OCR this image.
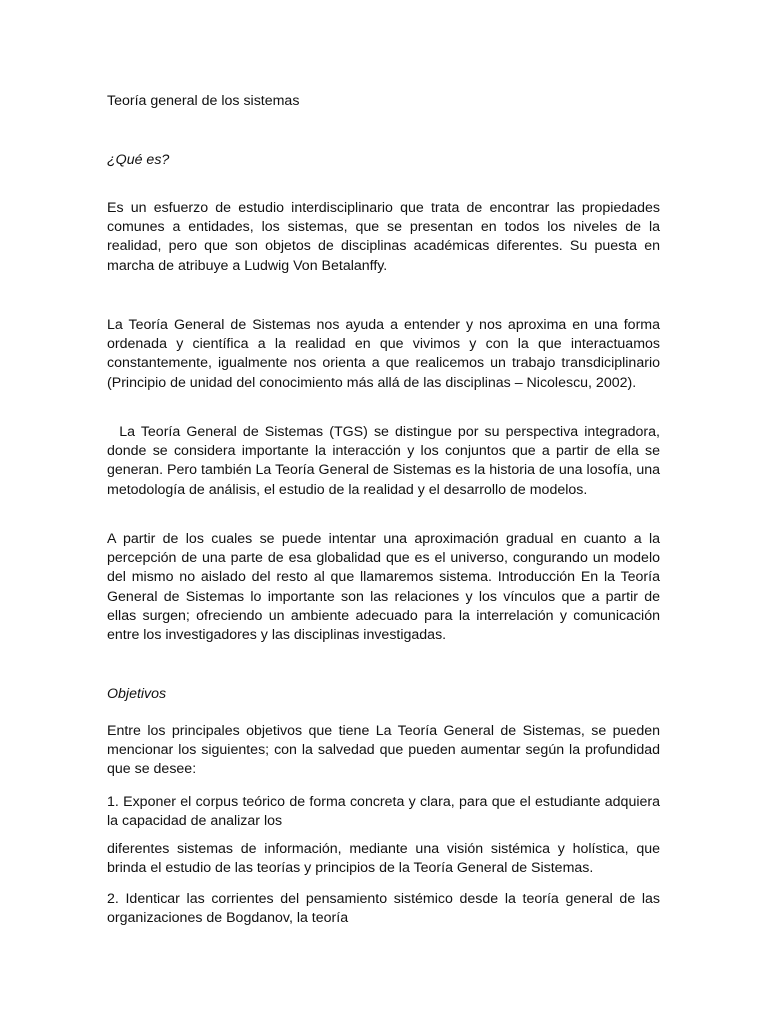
Teoría general de los sistemas

¿Qué es?

Es un esfuerzo de estudio interdisciplinario que trata de encontrar las propiedades comunes a entidades, los sistemas, que se presentan en todos los niveles de la realidad, pero que son objetos de disciplinas académicas diferentes. Su puesta en marcha de atribuye a Ludwig Von Betalanffy.

La Teoría General de Sistemas nos ayuda a entender y nos aproxima en una forma ordenada y científica a la realidad en que vivimos y con la que interactuamos constantemente, igualmente nos orienta a que realicemos un trabajo transdiciplinario (Principio de unidad del conocimiento más allá de las disciplinas – Nicolescu, 2002).

La Teoría General de Sistemas (TGS) se distingue por su perspectiva integradora, donde se considera importante la interacción y los conjuntos que a partir de ella se generan. Pero también La Teoría General de Sistemas es la historia de una losofía, una metodología de análisis, el estudio de la realidad y el desarrollo de modelos.

A partir de los cuales se puede intentar una aproximación gradual en cuanto a la percepción de una parte de esa globalidad que es el universo, congurando un modelo del mismo no aislado del resto al que llamaremos sistema. Introducción En la Teoría General de Sistemas lo importante son las relaciones y los vínculos que a partir de ellas surgen; ofreciendo un ambiente adecuado para la interrelación y comunicación entre los investigadores y las disciplinas investigadas.

Objetivos

Entre los principales objetivos que tiene La Teoría General de Sistemas, se pueden mencionar los siguientes; con la salvedad que pueden aumentar según la profundidad que se desee:

1. Exponer el corpus teórico de forma concreta y clara, para que el estudiante adquiera la capacidad de analizar los

diferentes sistemas de información, mediante una visión sistémica y holística, que brinda el estudio de las teorías y principios de la Teoría General de Sistemas.

2. Identicar las corrientes del pensamiento sistémico desde la teoría general de las organizaciones de Bogdanov, la teoría
